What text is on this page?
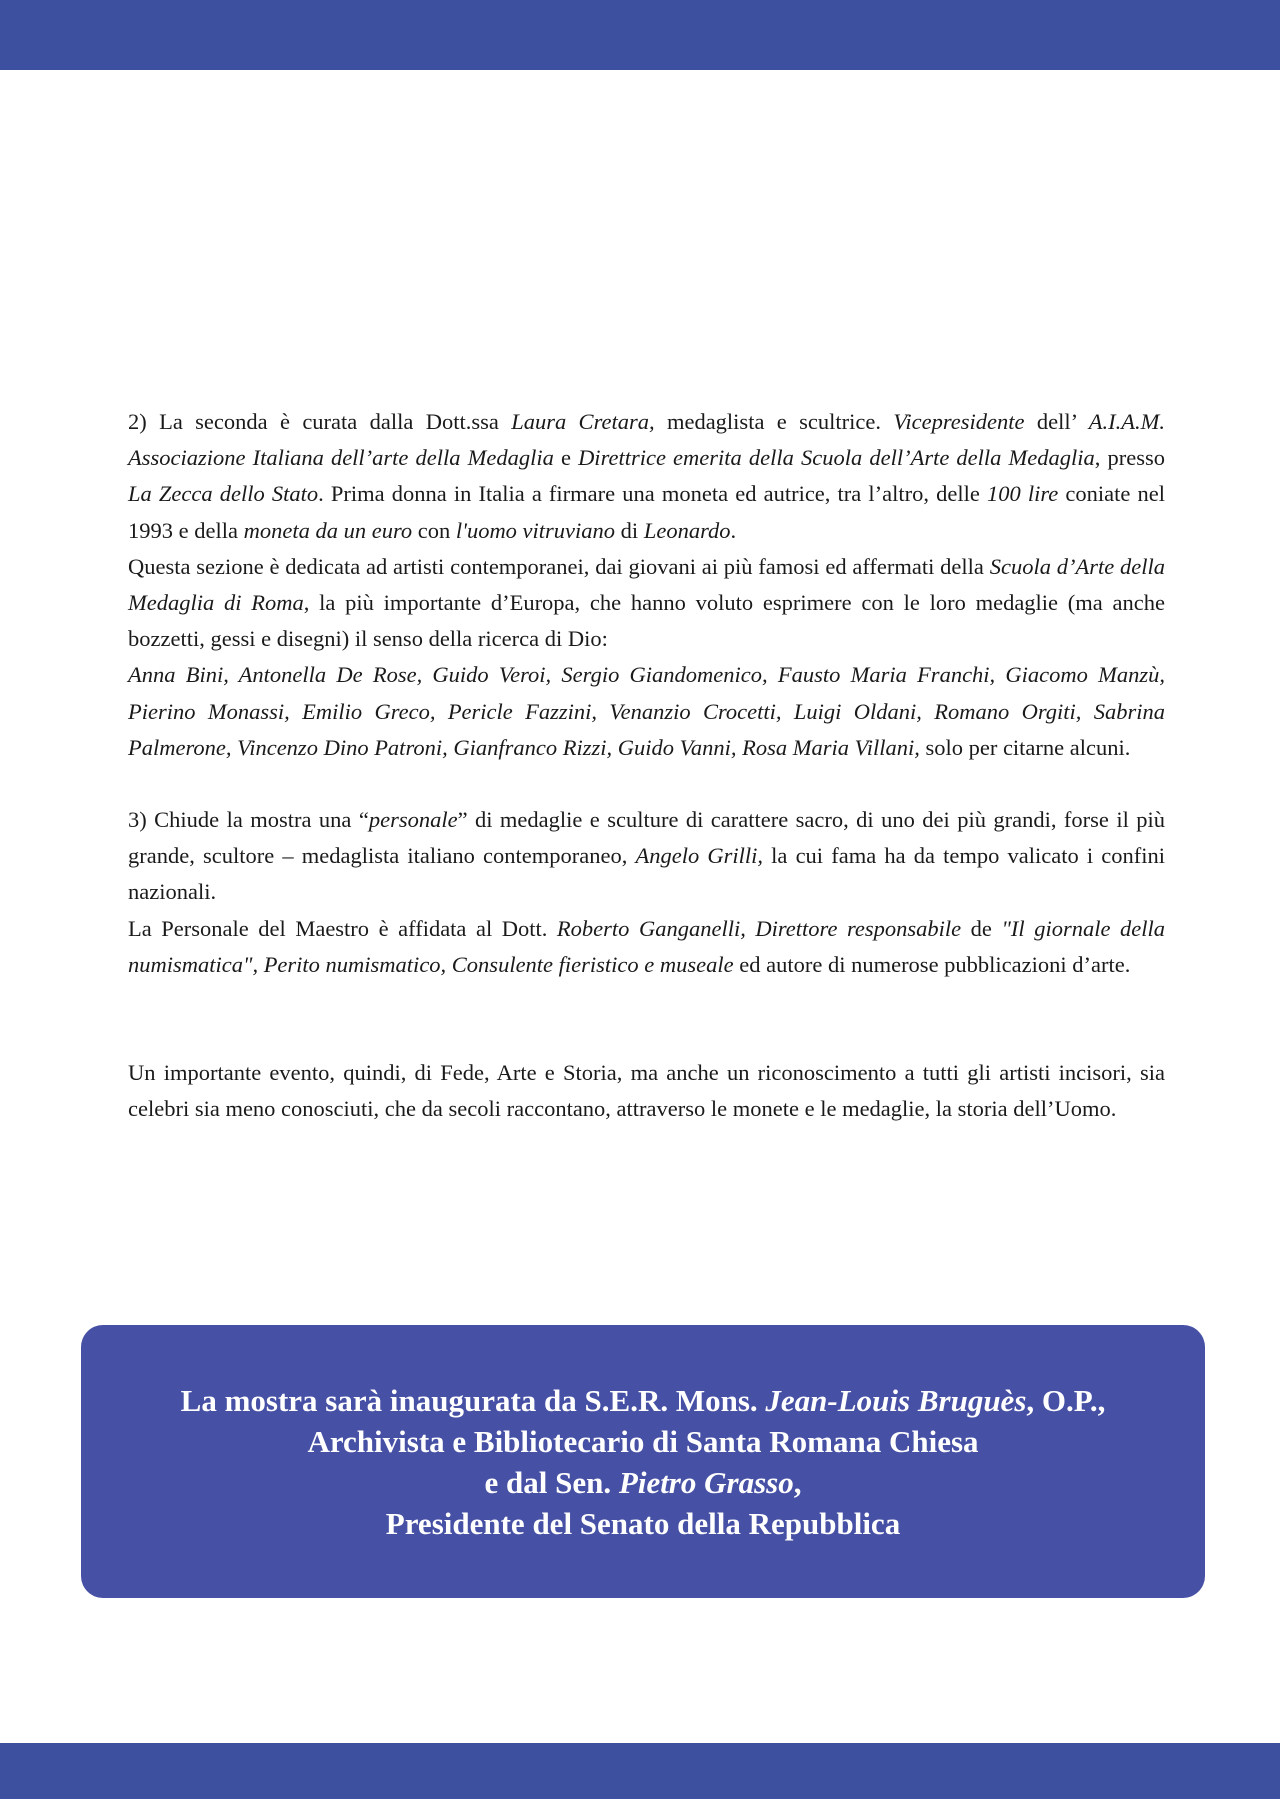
2) La seconda è curata dalla Dott.ssa Laura Cretara, medaglista e scultrice. Vicepresidente dell’ A.I.A.M. Associazione Italiana dell’arte della Medaglia e Direttrice emerita della Scuola dell’Arte della Medaglia, presso La Zecca dello Stato. Prima donna in Italia a firmare una moneta ed autrice, tra l’altro, delle 100 lire coniate nel 1993 e della moneta da un euro con l'uomo vitruviano di Leonardo.

Questa sezione è dedicata ad artisti contemporanei, dai giovani ai più famosi ed affermati della Scuola d’Arte della Medaglia di Roma, la più importante d’Europa, che hanno voluto esprimere con le loro medaglie (ma anche bozzetti, gessi e disegni) il senso della ricerca di Dio:

Anna Bini, Antonella De Rose, Guido Veroi, Sergio Giandomenico, Fausto Maria Franchi, Giacomo Manzù, Pierino Monassi, Emilio Greco, Pericle Fazzini, Venanzio Crocetti, Luigi Oldani, Romano Orgiti, Sabrina Palmerone, Vincenzo Dino Patroni, Gianfranco Rizzi, Guido Vanni, Rosa Maria Villani, solo per citarne alcuni.

3) Chiude la mostra una “personale” di medaglie e sculture di carattere sacro, di uno dei più grandi, forse il più grande, scultore – medaglista italiano contemporaneo, Angelo Grilli, la cui fama ha da tempo valicato i confini nazionali.

La Personale del Maestro è affidata al Dott. Roberto Ganganelli, Direttore responsabile de "Il giornale della numismatica", Perito numismatico, Consulente fieristico e museale ed autore di numerose pubblicazioni d’arte.

Un importante evento, quindi, di Fede, Arte e Storia, ma anche un riconoscimento a tutti gli artisti incisori, sia celebri sia meno conosciuti, che da secoli raccontano, attraverso le monete e le medaglie, la storia dell’Uomo.

La mostra sarà inaugurata da S.E.R. Mons. Jean-Louis Bruguès, O.P.,
Archivista e Bibliotecario di Santa Romana Chiesa
e dal Sen. Pietro Grasso,
Presidente del Senato della Repubblica
